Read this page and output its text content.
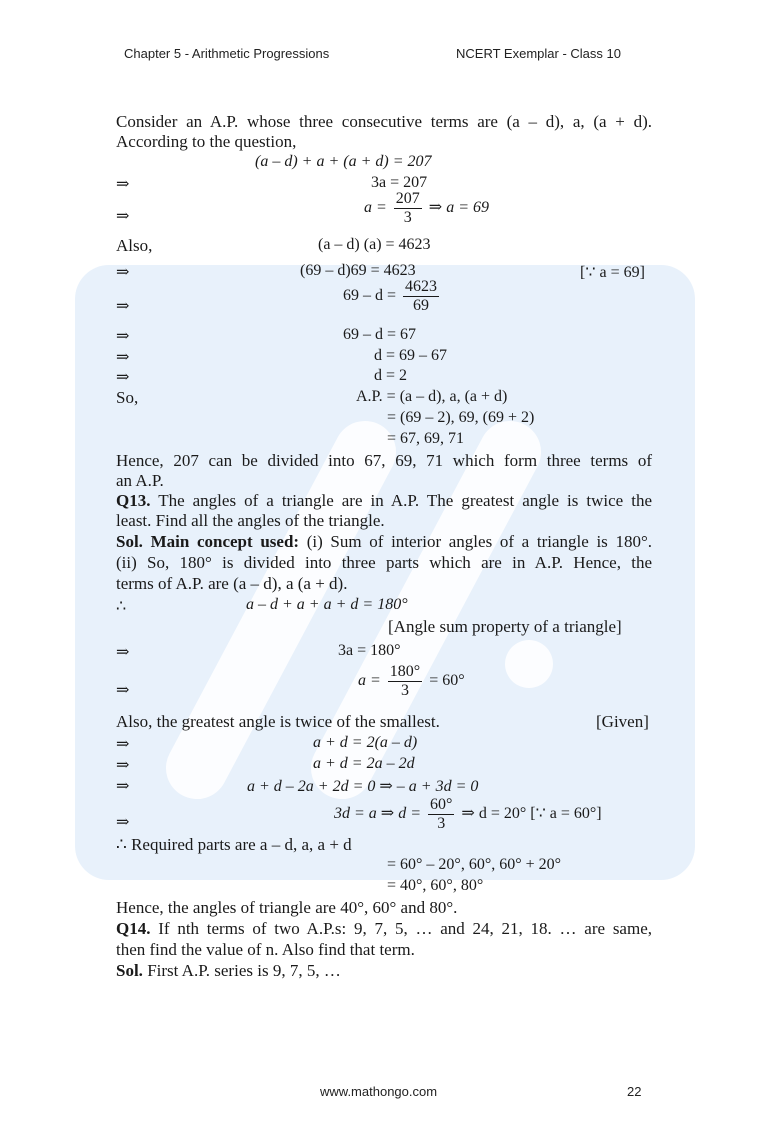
Chapter 5 - Arithmetic Progressions	NCERT Exemplar - Class 10
Consider an A.P. whose three consecutive terms are (a – d), a, (a + d).
According to the question,
(a – d) + a + (a + d) = 207
⇒	3a = 207
⇒
$a = \frac{207}{3}$ ⇒ a = 69
Also,	(a – d) (a) = 4623
⇒	(69 – d)69 = 4623	[∵ a = 69]
⇒
$69 - d = \frac{4623}{69}$
⇒	69 – d = 67
⇒	d = 69 – 67
⇒	d = 2
So,	A.P. = (a – d), a, (a + d)
= (69 – 2), 69, (69 + 2)
= 67, 69, 71
Hence, 207 can be divided into 67, 69, 71 which form three terms of
an A.P.
Q13. The angles of a triangle are in A.P. The greatest angle is twice the
least. Find all the angles of the triangle.
Sol. Main concept used: (i) Sum of interior angles of a triangle is 180°.
(ii) So, 180° is divided into three parts which are in A.P. Hence, the
terms of A.P. are (a – d), a (a + d).
∴	a – d + a + a + d = 180°
[Angle sum property of a triangle]
⇒	3a = 180°
⇒
$a = \frac{180^\circ}{3} = 60^\circ$
Also, the greatest angle is twice of the smallest.	[Given]
⇒	a + d = 2(a – d)
⇒	a + d = 2a – 2d
⇒	a + d – 2a + 2d = 0 ⇒ – a + 3d = 0
⇒
3d = a ⇒ $d = \frac{60^\circ}{3}$ ⇒ d = 20° [∵ a = 60°]
∴ Required parts are a – d, a, a + d
= 60° – 20°, 60°, 60° + 20°
= 40°, 60°, 80°
Hence, the angles of triangle are 40°, 60° and 80°.
Q14. If nth terms of two A.P.s: 9, 7, 5, … and 24, 21, 18. … are same,
then find the value of n. Also find that term.
Sol. First A.P. series is 9, 7, 5, …
www.mathongo.com	22
